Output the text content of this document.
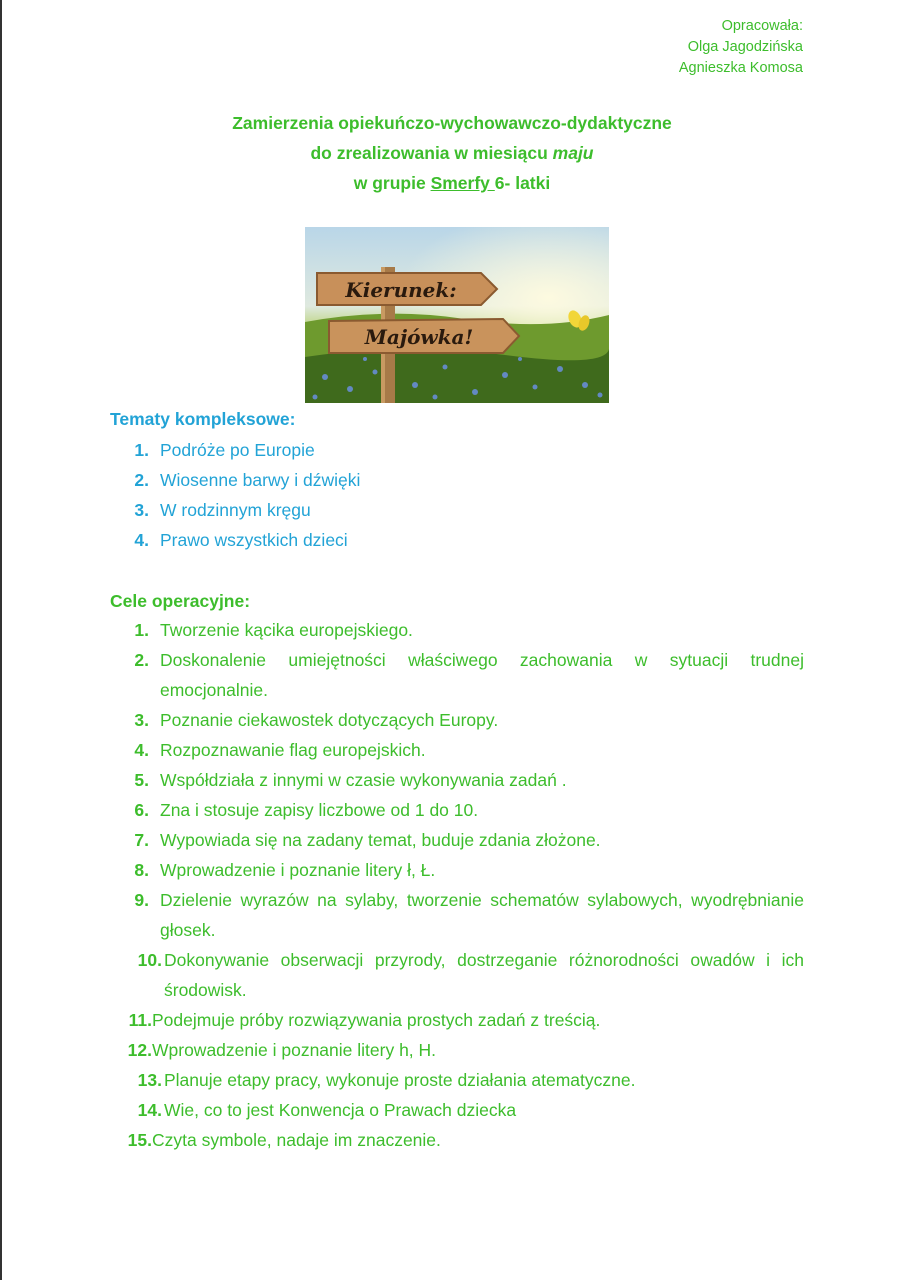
Opracowała:
Olga Jagodzińska
Agnieszka Komosa
Zamierzenia opiekuńczo-wychowawczo-dydaktyczne
do zrealizowania w miesiącu maju
w grupie Smerfy 6- latki
Kierunek:
Majówka!
Tematy kompleksowe:
1. Podróże po Europie
2. Wiosenne barwy i dźwięki
3. W rodzinnym kręgu
4. Prawo wszystkich dzieci
Cele operacyjne:
1. Tworzenie kącika europejskiego.
2. Doskonalenie umiejętności właściwego zachowania w sytuacji trudnej emocjonalnie.
3. Poznanie ciekawostek dotyczących Europy.
4. Rozpoznawanie flag europejskich.
5. Współdziała z innymi w czasie wykonywania zadań .
6. Zna i stosuje zapisy liczbowe od 1 do 10.
7. Wypowiada się na zadany temat, buduje zdania złożone.
8. Wprowadzenie i poznanie litery ł, Ł.
9. Dzielenie wyrazów na sylaby, tworzenie schematów sylabowych, wyodrębnianie głosek.
10. Dokonywanie obserwacji przyrody, dostrzeganie różnorodności owadów i ich środowisk.
11. Podejmuje próby rozwiązywania prostych zadań z treścią.
12. Wprowadzenie i poznanie litery h, H.
13. Planuje etapy pracy, wykonuje proste działania atematyczne.
14. Wie, co to jest Konwencja o Prawach dziecka
15. Czyta symbole, nadaje im znaczenie.
